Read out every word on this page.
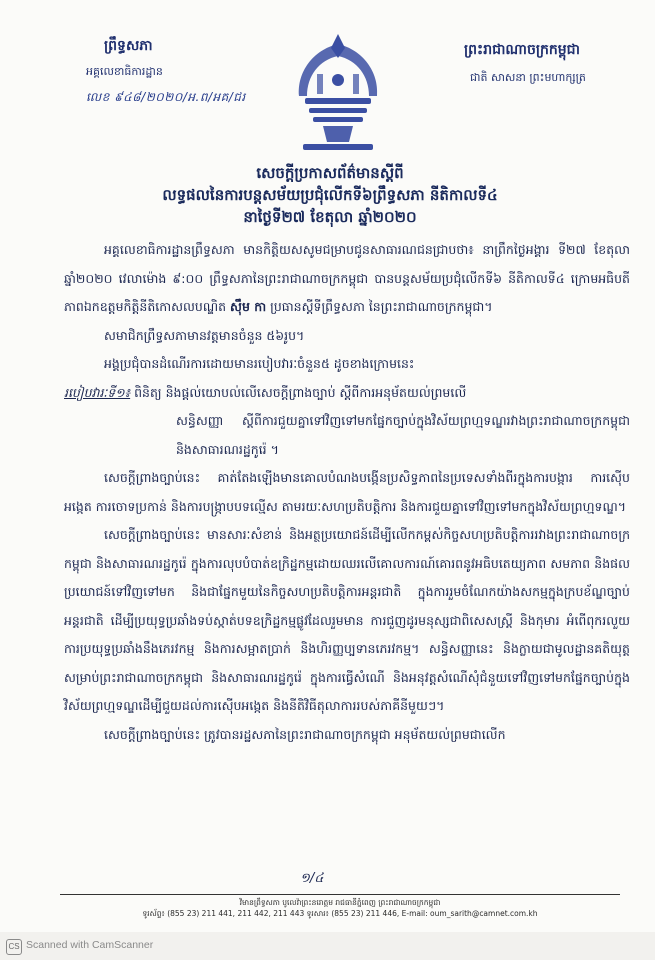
ព្រឹទ្ធសភា
អគ្គលេខាធិការដ្ឋាន
លេខ ៩៤៨/២០២០/អ.ព/អគ/ជរ
ព្រះរាជាណាចក្រកម្ពុជា
ជាតិ សាសនា ព្រះមហាក្សត្រ
សេចក្ដីប្រកាសព័ត៌មានស្ដីពី
លទ្ធផលនៃការបន្តសម័យប្រជុំលើកទី៦ព្រឹទ្ធសភា នីតិកាលទី៤
នាថ្ងៃទី២៧ ខែតុលា ឆ្នាំ២០២០

អគ្គលេខាធិការដ្ឋានព្រឹទ្ធសភា មានកិត្តិយសសូមជម្រាបជូនសាធារណជនជ្រាបថា៖ នាព្រឹកថ្ងៃអង្គារ ទី២៧ ខែតុលា ឆ្នាំ២០២០ វេលាម៉ោង ៩:០០ ព្រឹទ្ធសភានៃព្រះរាជាណាចក្រកម្ពុជា បានបន្តសម័យប្រជុំលើកទី៦ នីតិកាលទី៤ ក្រោមអធិបតីភាពឯកឧត្តមកិត្តិនីតិកោសលបណ្ឌិត ស៊ឹម កា ប្រធានស្ដីទីព្រឹទ្ធសភា នៃព្រះរាជាណាចក្រកម្ពុជា។

សមាជិកព្រឹទ្ធសភាមានវត្តមានចំនួន ៥៦រូប។

អង្គប្រជុំបានដំណើរការដោយមានរបៀបវារៈចំនួន៥ ដូចខាងក្រោមនេះ

របៀបវារៈទី១៖ ពិនិត្យ និងផ្ដល់យោបល់លើសេចក្ដីព្រាងច្បាប់ ស្ដីពីការអនុម័តយល់ព្រមលើ

សន្ធិសញ្ញា ស្ដីពីការជួយគ្នាទៅវិញទៅមកផ្នែកច្បាប់ក្នុងវិស័យព្រហ្មទណ្ឌរវាងព្រះរាជាណាចក្រកម្ពុជា និងសាធារណរដ្ឋកូរ៉េ ។

សេចក្ដីព្រាងច្បាប់នេះ គាត់តែងឡើងមានគោលបំណងបង្កើនប្រសិទ្ធភាពនៃប្រទេសទាំងពីរក្នុងការបង្ការ ការស៊ើបអង្កេត ការចោទប្រកាន់ និងការបង្ក្រាបបទល្មើស តាមរយៈសហប្រតិបត្តិការ និងការជួយគ្នាទៅវិញទៅមកក្នុងវិស័យព្រហ្មទណ្ឌ។

សេចក្ដីព្រាងច្បាប់នេះ មានសារៈសំខាន់ និងអត្ថប្រយោជន៍ដើម្បីលើកកម្ពស់កិច្ចសហប្រតិបត្តិការរវាងព្រះរាជាណាចក្រកម្ពុជា និងសាធារណរដ្ឋកូរ៉េ ក្នុងការលុបបំបាត់ឧក្រិដ្ឋកម្មដោយឈរលើគោលការណ៍គោរពនូវអធិបតេយ្យភាព សមភាព និងផលប្រយោជន៍ទៅវិញទៅមក និងជាផ្នែកមួយនៃកិច្ចសហប្រតិបត្តិការអន្តរជាតិ ក្នុងការរួមចំណែកយ៉ាងសកម្មក្នុងក្របខ័ណ្ឌច្បាប់អន្តរជាតិ ដើម្បីប្រយុទ្ធប្រឆាំងទប់ស្កាត់បទឧក្រិដ្ឋកម្មផ្លូវដែលរួមមាន ការជួញដូរមនុស្សជាពិសេសស្ត្រី និងកុមារ អំពើពុករលួយ ការប្រយុទ្ធប្រឆាំងនឹងភេរវកម្ម និងការសម្អាតប្រាក់ និងហិរញ្ញប្បទានភេរវកម្ម។ សន្ធិសញ្ញានេះ និងក្លាយជាមូលដ្ឋានគតិយុត្តសម្រាប់ព្រះរាជាណាចក្រកម្ពុជា និងសាធារណរដ្ឋកូរ៉េ ក្នុងការធ្វើសំណើ និងអនុវត្តសំណើសុំជំនួយទៅវិញទៅមកផ្នែកច្បាប់ក្នុងវិស័យព្រហ្មទណ្ឌដើម្បីជួយដល់ការស៊ើបអង្កេត និងនីតិវិធីតុលាការរបស់ភាគីនីមួយៗ។

សេចក្ដីព្រាងច្បាប់នេះ ត្រូវបានរដ្ឋសភានៃព្រះរាជាណាចក្រកម្ពុជា អនុម័តយល់ព្រមជាលើក

១/៤
វិមានព្រឹទ្ធសភា បូលេវ៉ាព្រះនរោត្តម រាជធានីភ្នំពេញ ព្រះរាជាណាចក្រកម្ពុជា
ទូរស័ព្ទ៖ (855 23) 211 441, 211 442, 211 443 ទូរសារ៖ (855 23) 211 446, E-mail: oum_sarith@camnet.com.kh
CS Scanned with CamScanner
